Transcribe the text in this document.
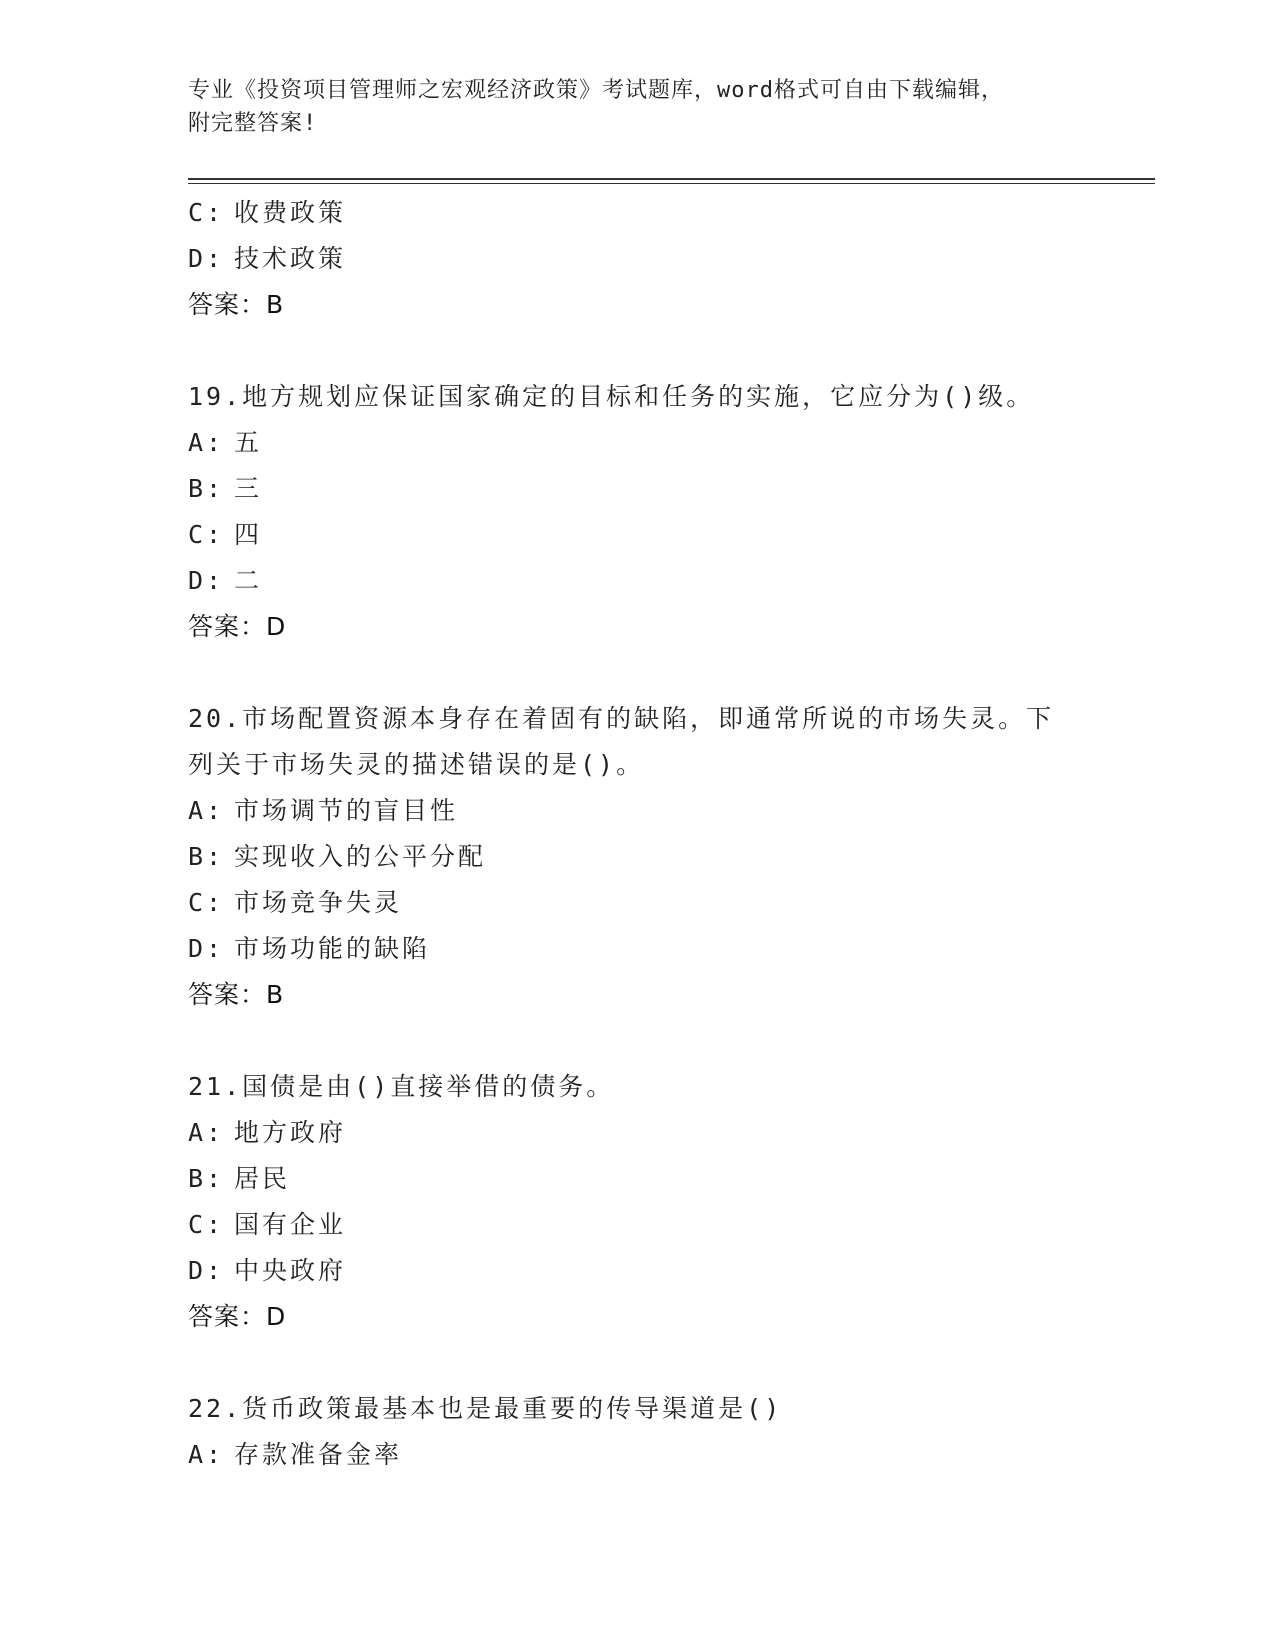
专业《投资项目管理师之宏观经济政策》考试题库，word格式可自由下载编辑，
附完整答案!
C: 收费政策
D: 技术政策
答案：B
19.地方规划应保证国家确定的目标和任务的实施，它应分为()级。
A: 五
B: 三
C: 四
D: 二
答案：D
20.市场配置资源本身存在着固有的缺陷，即通常所说的市场失灵。下
列关于市场失灵的描述错误的是()。
A: 市场调节的盲目性
B: 实现收入的公平分配
C: 市场竞争失灵
D: 市场功能的缺陷
答案：B
21.国债是由()直接举借的债务。
A: 地方政府
B: 居民
C: 国有企业
D: 中央政府
答案：D
22.货币政策最基本也是最重要的传导渠道是()
A: 存款准备金率
